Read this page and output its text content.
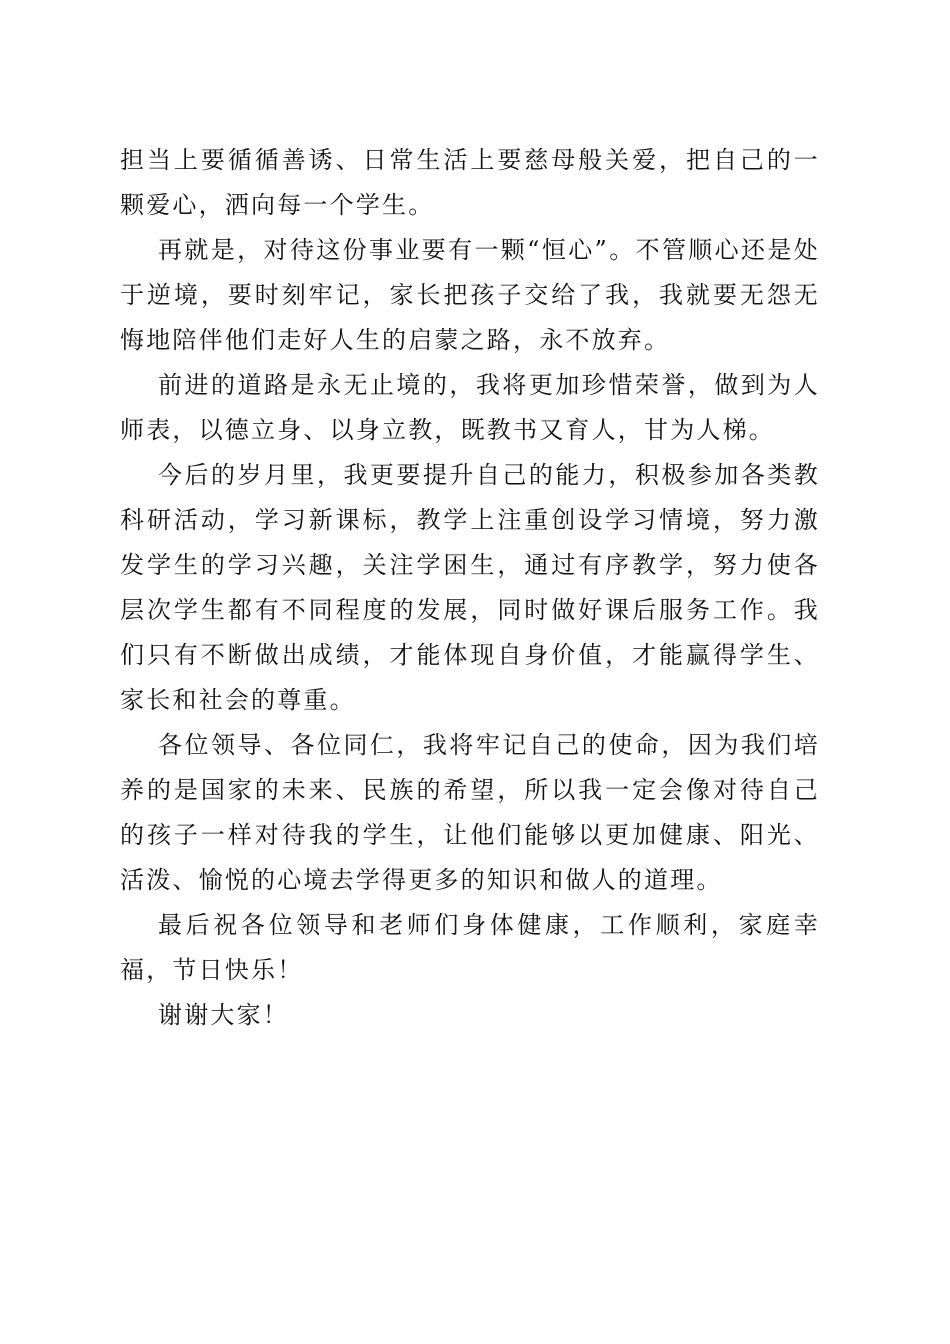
担当上要循循善诱、日常生活上要慈母般关爱，把自己的一颗爱心，洒向每一个学生。

再就是，对待这份事业要有一颗“恒心”。不管顺心还是处于逆境，要时刻牢记，家长把孩子交给了我，我就要无怨无悔地陪伴他们走好人生的启蒙之路，永不放弃。

前进的道路是永无止境的，我将更加珍惜荣誉，做到为人师表，以德立身、以身立教，既教书又育人，甘为人梯。

今后的岁月里，我更要提升自己的能力，积极参加各类教科研活动，学习新课标，教学上注重创设学习情境，努力激发学生的学习兴趣，关注学困生，通过有序教学，努力使各层次学生都有不同程度的发展，同时做好课后服务工作。我们只有不断做出成绩，才能体现自身价值，才能赢得学生、家长和社会的尊重。

各位领导、各位同仁，我将牢记自己的使命，因为我们培养的是国家的未来、民族的希望，所以我一定会像对待自己的孩子一样对待我的学生，让他们能够以更加健康、阳光、活泼、愉悦的心境去学得更多的知识和做人的道理。

最后祝各位领导和老师们身体健康，工作顺利，家庭幸福，节日快乐！

谢谢大家！
